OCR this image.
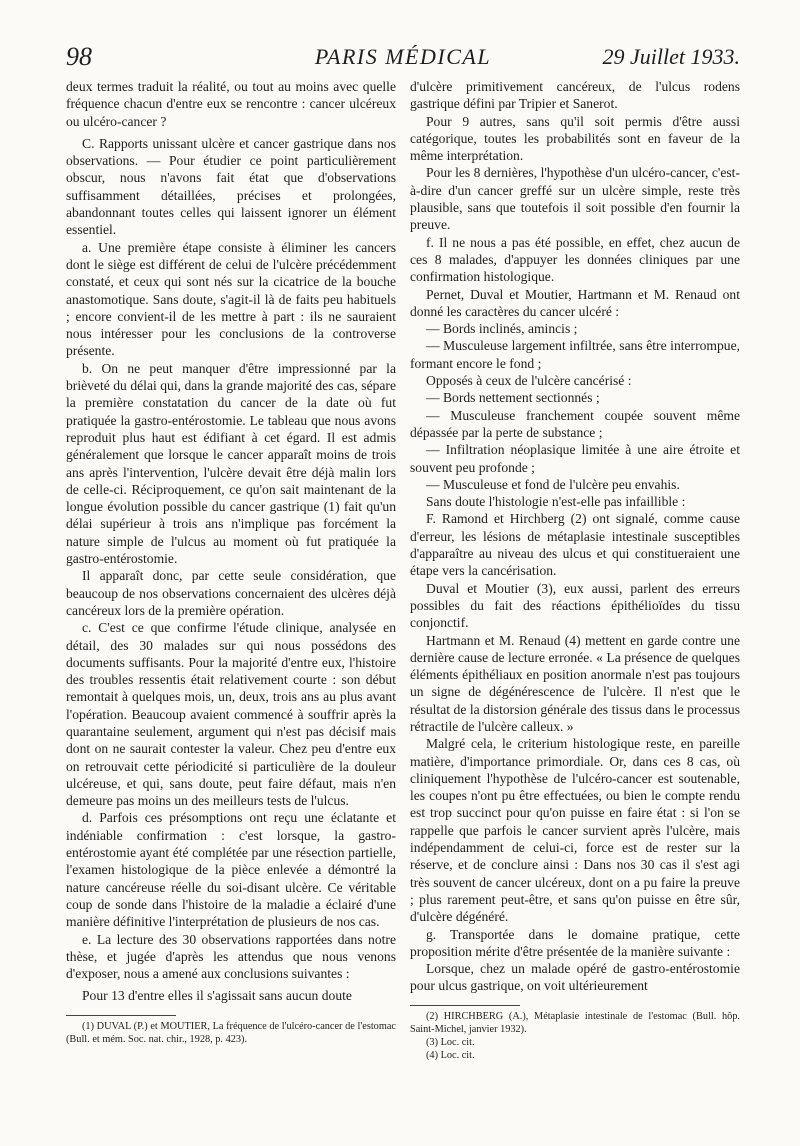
98	PARIS MÉDICAL	29 Juillet 1933.

deux termes traduit la réalité, ou tout au moins avec quelle fréquence chacun d'entre eux se rencontre : cancer ulcéreux ou ulcéro-cancer ?

C. Rapports unissant ulcère et cancer gastrique dans nos observations. — Pour étudier ce point particulièrement obscur, nous n'avons fait état que d'observations suffisamment détaillées, précises et prolongées, abandonnant toutes celles qui laissent ignorer un élément essentiel.

a. Une première étape consiste à éliminer les cancers dont le siège est différent de celui de l'ulcère précédemment constaté, et ceux qui sont nés sur la cicatrice de la bouche anastomotique. Sans doute, s'agit-il là de faits peu habituels ; encore convient-il de les mettre à part : ils ne sauraient nous intéresser pour les conclusions de la controverse présente.

b. On ne peut manquer d'être impressionné par la brièveté du délai qui, dans la grande majorité des cas, sépare la première constatation du cancer de la date où fut pratiquée la gastro-entérostomie. Le tableau que nous avons reproduit plus haut est édifiant à cet égard. Il est admis généralement que lorsque le cancer apparaît moins de trois ans après l'intervention, l'ulcère devait être déjà malin lors de celle-ci. Réciproquement, ce qu'on sait maintenant de la longue évolution possible du cancer gastrique (1) fait qu'un délai supérieur à trois ans n'implique pas forcément la nature simple de l'ulcus au moment où fut pratiquée la gastro-entérostomie.

Il apparaît donc, par cette seule considération, que beaucoup de nos observations concernaient des ulcères déjà cancéreux lors de la première opération.

c. C'est ce que confirme l'étude clinique, analysée en détail, des 30 malades sur qui nous possédons des documents suffisants. Pour la majorité d'entre eux, l'histoire des troubles ressentis était relativement courte : son début remontait à quelques mois, un, deux, trois ans au plus avant l'opération. Beaucoup avaient commencé à souffrir après la quarantaine seulement, argument qui n'est pas décisif mais dont on ne saurait contester la valeur. Chez peu d'entre eux on retrouvait cette périodicité si particulière de la douleur ulcéreuse, et qui, sans doute, peut faire défaut, mais n'en demeure pas moins un des meilleurs tests de l'ulcus.

d. Parfois ces présomptions ont reçu une éclatante et indéniable confirmation : c'est lorsque, la gastro-entérostomie ayant été complétée par une résection partielle, l'examen histologique de la pièce enlevée a démontré la nature cancéreuse réelle du soi-disant ulcère. Ce véritable coup de sonde dans l'histoire de la maladie a éclairé d'une manière définitive l'interprétation de plusieurs de nos cas.

e. La lecture des 30 observations rapportées dans notre thèse, et jugée d'après les attendus que nous venons d'exposer, nous a amené aux conclusions suivantes :

Pour 13 d'entre elles il s'agissait sans aucun doute

(1) DUVAL (P.) et MOUTIER, La fréquence de l'ulcéro-cancer de l'estomac (Bull. et mém. Soc. nat. chir., 1928, p. 423).

d'ulcère primitivement cancéreux, de l'ulcus rodens gastrique défini par Tripier et Sanerot.

Pour 9 autres, sans qu'il soit permis d'être aussi catégorique, toutes les probabilités sont en faveur de la même interprétation.

Pour les 8 dernières, l'hypothèse d'un ulcéro-cancer, c'est-à-dire d'un cancer greffé sur un ulcère simple, reste très plausible, sans que toutefois il soit possible d'en fournir la preuve.

f. Il ne nous a pas été possible, en effet, chez aucun de ces 8 malades, d'appuyer les données cliniques par une confirmation histologique.

Pernet, Duval et Moutier, Hartmann et M. Renaud ont donné les caractères du cancer ulcéré :

— Bords inclinés, amincis ;

— Musculeuse largement infiltrée, sans être interrompue, formant encore le fond ;

Opposés à ceux de l'ulcère cancérisé :

— Bords nettement sectionnés ;

— Musculeuse franchement coupée souvent même dépassée par la perte de substance ;

— Infiltration néoplasique limitée à une aire étroite et souvent peu profonde ;

— Musculeuse et fond de l'ulcère peu envahis.

Sans doute l'histologie n'est-elle pas infaillible :

F. Ramond et Hirchberg (2) ont signalé, comme cause d'erreur, les lésions de métaplasie intestinale susceptibles d'apparaître au niveau des ulcus et qui constitueraient une étape vers la cancérisation.

Duval et Moutier (3), eux aussi, parlent des erreurs possibles du fait des réactions épithélioïdes du tissu conjonctif.

Hartmann et M. Renaud (4) mettent en garde contre une dernière cause de lecture erronée. « La présence de quelques éléments épithéliaux en position anormale n'est pas toujours un signe de dégénérescence de l'ulcère. Il n'est que le résultat de la distorsion générale des tissus dans le processus rétractile de l'ulcère calleux. »

Malgré cela, le criterium histologique reste, en pareille matière, d'importance primordiale. Or, dans ces 8 cas, où cliniquement l'hypothèse de l'ulcéro-cancer est soutenable, les coupes n'ont pu être effectuées, ou bien le compte rendu est trop succinct pour qu'on puisse en faire état : si l'on se rappelle que parfois le cancer survient après l'ulcère, mais indépendamment de celui-ci, force est de rester sur la réserve, et de conclure ainsi : Dans nos 30 cas il s'est agi très souvent de cancer ulcéreux, dont on a pu faire la preuve ; plus rarement peut-être, et sans qu'on puisse en être sûr, d'ulcère dégénéré.

g. Transportée dans le domaine pratique, cette proposition mérite d'être présentée de la manière suivante :

Lorsque, chez un malade opéré de gastro-entérostomie pour ulcus gastrique, on voit ultérieurement

(2) HIRCHBERG (A.), Métaplasie intestinale de l'estomac (Bull. hôp. Saint-Michel, janvier 1932).

(3) Loc. cit.

(4) Loc. cit.
